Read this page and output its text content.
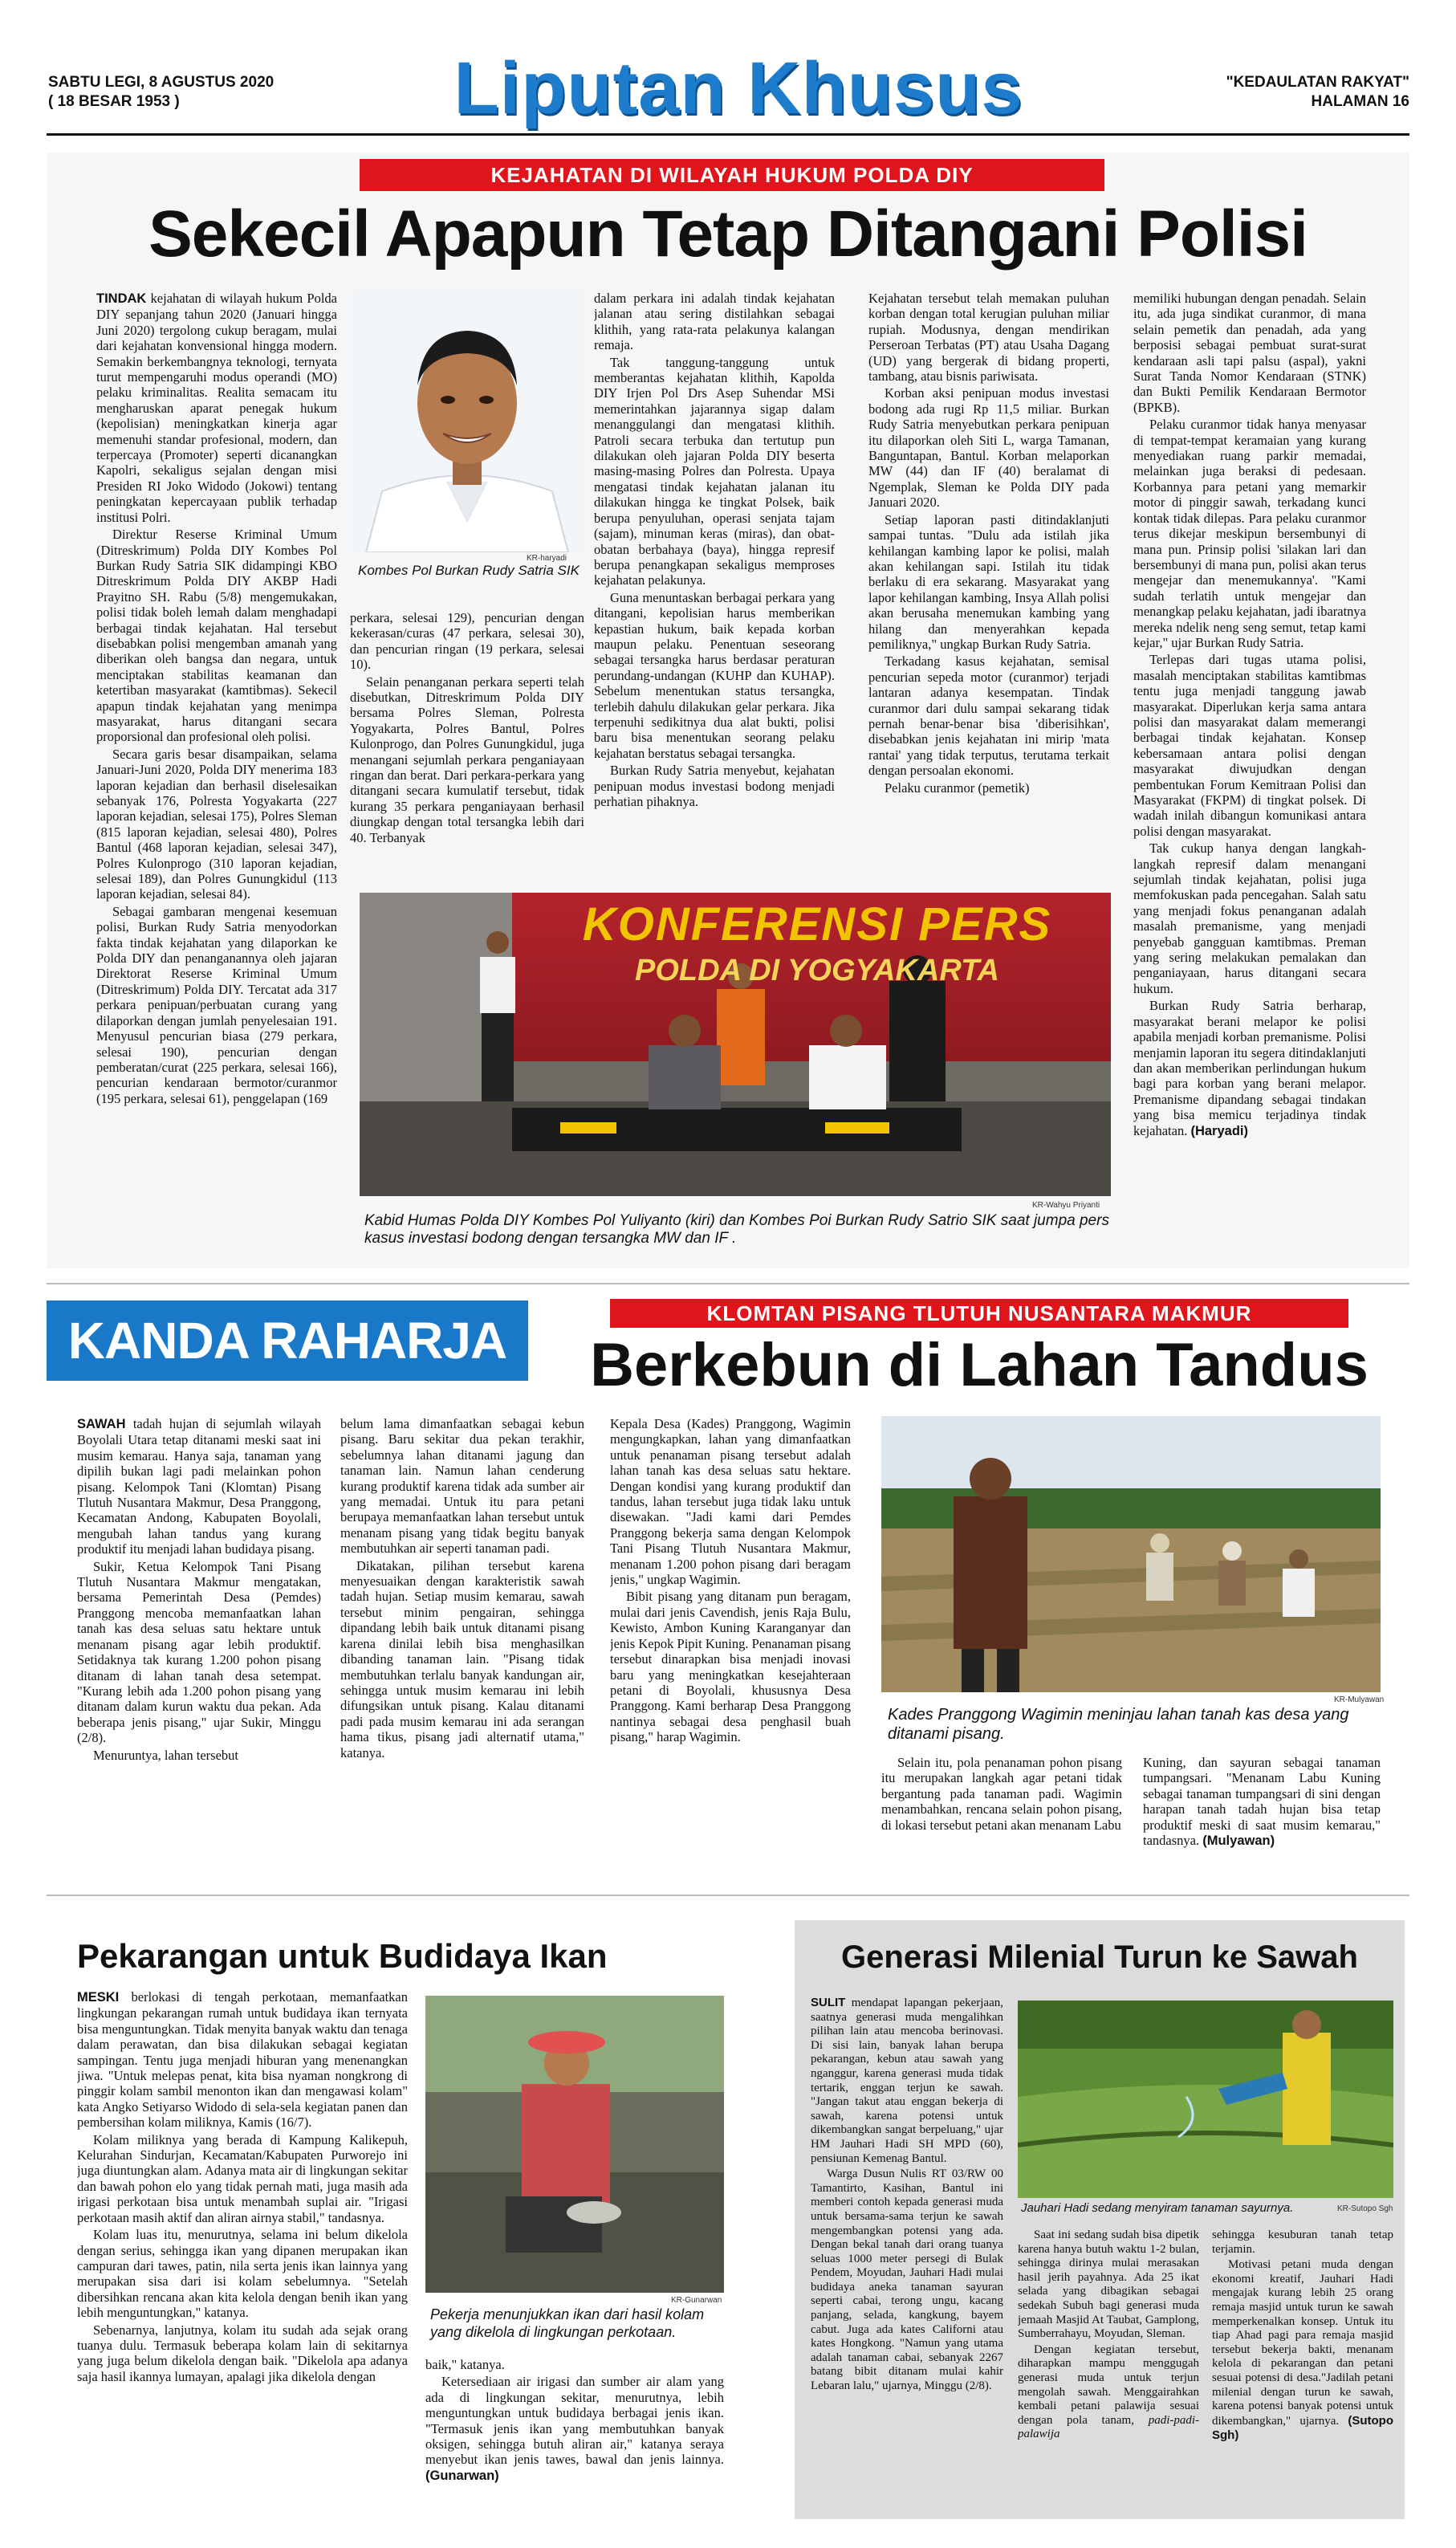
SABTU LEGI, 8 AGUSTUS 2020
( 18 BESAR 1953 )	Liputan Khusus	"KEDAULATAN RAKYAT"
HALAMAN 16
KEJAHATAN DI WILAYAH HUKUM POLDA DIY
Sekecil Apapun Tetap Ditangani Polisi

TINDAK kejahatan di wilayah hukum Polda DIY sepanjang tahun 2020 (Januari hingga Juni 2020) tergolong cukup beragam, mulai dari kejahatan konvensional hingga modern. Semakin berkembangnya teknologi, ternyata turut mempengaruhi modus operandi (MO) pelaku kriminalitas. Realita semacam itu mengharuskan aparat penegak hukum (kepolisian) meningkatkan kinerja agar memenuhi standar profesional, modern, dan terpercaya (Promoter) seperti dicanangkan Kapolri, sekaligus sejalan dengan misi Presiden RI Joko Widodo (Jokowi) tentang peningkatan kepercayaan publik terhadap institusi Polri.

Direktur Reserse Kriminal Umum (Ditreskrimum) Polda DIY Kombes Pol Burkan Rudy Satria SIK didampingi KBO Ditreskrimum Polda DIY AKBP Hadi Prayitno SH. Rabu (5/8) mengemukakan, polisi tidak boleh lemah dalam menghadapi berbagai tindak kejahatan. Hal tersebut disebabkan polisi mengemban amanah yang diberikan oleh bangsa dan negara, untuk menciptakan stabilitas keamanan dan ketertiban masyarakat (kamtibmas). Sekecil apapun tindak kejahatan yang menimpa masyarakat, harus ditangani secara proporsional dan profesional oleh polisi.

Secara garis besar disampaikan, selama Januari-Juni 2020, Polda DIY menerima 183 laporan kejadian dan berhasil diselesaikan sebanyak 176, Polresta Yogyakarta (227 laporan kejadian, selesai 175), Polres Sleman (815 laporan kejadian, selesai 480), Polres Bantul (468 laporan kejadian, selesai 347), Polres Kulonprogo (310 laporan kejadian, selesai 189), dan Polres Gunungkidul (113 laporan kejadian, selesai 84).

Sebagai gambaran mengenai kesemuan polisi, Burkan Rudy Satria menyodorkan fakta tindak kejahatan yang dilaporkan ke Polda DIY dan penanganannya oleh jajaran Direktorat Reserse Kriminal Umum (Ditreskrimum) Polda DIY. Tercatat ada 317 perkara penipuan/perbuatan curang yang dilaporkan dengan jumlah penyelesaian 191. Menyusul pencurian biasa (279 perkara, selesai 190), pencurian dengan pemberatan/curat (225 perkara, selesai 166), pencurian kendaraan bermotor/curanmor (195 perkara, selesai 61), penggelapan (169

KR-haryadi
Kombes Pol Burkan Rudy Satria SIK

perkara, selesai 129), pencurian dengan kekerasan/curas (47 perkara, selesai 30), dan pencurian ringan (19 perkara, selesai 10).

Selain penanganan perkara seperti telah disebutkan, Ditreskrimum Polda DIY bersama Polres Sleman, Polresta Yogyakarta, Polres Bantul, Polres Kulonprogo, dan Polres Gunungkidul, juga menangani sejumlah perkara penganiayaan ringan dan berat. Dari perkara-perkara yang ditangani secara kumulatif tersebut, tidak kurang 35 perkara penganiayaan berhasil diungkap dengan total tersangka lebih dari 40. Terbanyak

dalam perkara ini adalah tindak kejahatan jalanan atau sering distilahkan sebagai klithih, yang rata-rata pelakunya kalangan remaja.

Tak tanggung-tanggung untuk memberantas kejahatan klithih, Kapolda DIY Irjen Pol Drs Asep Suhendar MSi memerintahkan jajarannya sigap dalam menanggulangi dan mengatasi klithih. Patroli secara terbuka dan tertutup pun dilakukan oleh jajaran Polda DIY beserta masing-masing Polres dan Polresta. Upaya mengatasi tindak kejahatan jalanan itu dilakukan hingga ke tingkat Polsek, baik berupa penyuluhan, operasi senjata tajam (sajam), minuman keras (miras), dan obat-obatan berbahaya (baya), hingga represif berupa penangkapan sekaligus memproses kejahatan pelakunya.

Guna menuntaskan berbagai perkara yang ditangani, kepolisian harus memberikan kepastian hukum, baik kepada korban maupun pelaku. Penentuan seseorang sebagai tersangka harus berdasar peraturan perundang-undangan (KUHP dan KUHAP). Sebelum menentukan status tersangka, terlebih dahulu dilakukan gelar perkara. Jika terpenuhi sedikitnya dua alat bukti, polisi baru bisa menentukan seorang pelaku kejahatan berstatus sebagai tersangka.

Burkan Rudy Satria menyebut, kejahatan penipuan modus investasi bodong menjadi perhatian pihaknya.

Kejahatan tersebut telah memakan puluhan korban dengan total kerugian puluhan miliar rupiah. Modusnya, dengan mendirikan Perseroan Terbatas (PT) atau Usaha Dagang (UD) yang bergerak di bidang properti, tambang, atau bisnis pariwisata.

Korban aksi penipuan modus investasi bodong ada rugi Rp 11,5 miliar. Burkan Rudy Satria menyebutkan perkara penipuan itu dilaporkan oleh Siti L, warga Tamanan, Banguntapan, Bantul. Korban melaporkan MW (44) dan IF (40) beralamat di Ngemplak, Sleman ke Polda DIY pada Januari 2020.

Setiap laporan pasti ditindaklanjuti sampai tuntas. "Dulu ada istilah jika kehilangan kambing lapor ke polisi, malah akan kehilangan sapi. Istilah itu tidak berlaku di era sekarang. Masyarakat yang lapor kehilangan kambing, Insya Allah polisi akan berusaha menemukan kambing yang hilang dan menyerahkan kepada pemiliknya," ungkap Burkan Rudy Satria.

Terkadang kasus kejahatan, semisal pencurian sepeda motor (curanmor) terjadi lantaran adanya kesempatan. Tindak curanmor dari dulu sampai sekarang tidak pernah benar-benar bisa 'diberisihkan', disebabkan jenis kejahatan ini mirip 'mata rantai' yang tidak terputus, terutama terkait dengan persoalan ekonomi.

Pelaku curanmor (pemetik)

memiliki hubungan dengan penadah. Selain itu, ada juga sindikat curanmor, di mana selain pemetik dan penadah, ada yang berposisi sebagai pembuat surat-surat kendaraan asli tapi palsu (aspal), yakni Surat Tanda Nomor Kendaraan (STNK) dan Bukti Pemilik Kendaraan Bermotor (BPKB).

Pelaku curanmor tidak hanya menyasar di tempat-tempat keramaian yang kurang menyediakan ruang parkir memadai, melainkan juga beraksi di pedesaan. Korbannya para petani yang memarkir motor di pinggir sawah, terkadang kunci kontak tidak dilepas. Para pelaku curanmor terus dikejar meskipun bersembunyi di mana pun. Prinsip polisi 'silakan lari dan bersembunyi di mana pun, polisi akan terus mengejar dan menemukannya'. "Kami sudah terlatih untuk mengejar dan menangkap pelaku kejahatan, jadi ibaratnya mereka ndelik neng seng semut, tetap kami kejar," ujar Burkan Rudy Satria.

Terlepas dari tugas utama polisi, masalah menciptakan stabilitas kamtibmas tentu juga menjadi tanggung jawab masyarakat. Diperlukan kerja sama antara polisi dan masyarakat dalam memerangi berbagai tindak kejahatan. Konsep kebersamaan antara polisi dengan masyarakat diwujudkan dengan pembentukan Forum Kemitraan Polisi dan Masyarakat (FKPM) di tingkat polsek. Di wadah inilah dibangun komunikasi antara polisi dengan masyarakat.

Tak cukup hanya dengan langkah-langkah represif dalam menangani sejumlah tindak kejahatan, polisi juga memfokuskan pada pencegahan. Salah satu yang menjadi fokus penanganan adalah masalah premanisme, yang menjadi penyebab gangguan kamtibmas. Preman yang sering melakukan pemalakan dan penganiayaan, harus ditangani secara hukum.

Burkan Rudy Satria berharap, masyarakat berani melapor ke polisi apabila menjadi korban premanisme. Polisi menjamin laporan itu segera ditindaklanjuti dan akan memberikan perlindungan hukum bagi para korban yang berani melapor. Premanisme dipandang sebagai tindakan yang bisa memicu terjadinya tindak kejahatan. (Haryadi)

KONFERENSI PERS
POLDA DI YOGYAKARTA
KR-Wahyu Priyanti
Kabid Humas Polda DIY Kombes Pol Yuliyanto (kiri) dan Kombes Poi Burkan Rudy Satrio SIK saat jumpa pers kasus investasi bodong dengan tersangka MW dan IF .
KANDA RAHARJA	KLOMTAN PISANG TLUTUH NUSANTARA MAKMUR
Berkebun di Lahan Tandus

SAWAH tadah hujan di sejumlah wilayah Boyolali Utara tetap ditanami meski saat ini musim kemarau. Hanya saja, tanaman yang dipilih bukan lagi padi melainkan pohon pisang. Kelompok Tani (Klomtan) Pisang Tlutuh Nusantara Makmur, Desa Pranggong, Kecamatan Andong, Kabupaten Boyolali, mengubah lahan tandus yang kurang produktif itu menjadi lahan budidaya pisang.

Sukir, Ketua Kelompok Tani Pisang Tlutuh Nusantara Makmur mengatakan, bersama Pemerintah Desa (Pemdes) Pranggong mencoba memanfaatkan lahan tanah kas desa seluas satu hektare untuk menanam pisang agar lebih produktif. Setidaknya tak kurang 1.200 pohon pisang ditanam di lahan tanah desa setempat. "Kurang lebih ada 1.200 pohon pisang yang ditanam dalam kurun waktu dua pekan. Ada beberapa jenis pisang," ujar Sukir, Minggu (2/8).

Menuruntya, lahan tersebut

belum lama dimanfaatkan sebagai kebun pisang. Baru sekitar dua pekan terakhir, sebelumnya lahan ditanami jagung dan tanaman lain. Namun lahan cenderung kurang produktif karena tidak ada sumber air yang memadai. Untuk itu para petani berupaya memanfaatkan lahan tersebut untuk menanam pisang yang tidak begitu banyak membutuhkan air seperti tanaman padi.

Dikatakan, pilihan tersebut karena menyesuaikan dengan karakteristik sawah tadah hujan. Setiap musim kemarau, sawah tersebut minim pengairan, sehingga dipandang lebih baik untuk ditanami pisang karena dinilai lebih bisa menghasilkan dibanding tanaman lain. "Pisang tidak membutuhkan terlalu banyak kandungan air, sehingga untuk musim kemarau ini lebih difungsikan untuk pisang. Kalau ditanami padi pada musim kemarau ini ada serangan hama tikus, pisang jadi alternatif utama," katanya.

Kepala Desa (Kades) Pranggong, Wagimin mengungkapkan, lahan yang dimanfaatkan untuk penanaman pisang tersebut adalah lahan tanah kas desa seluas satu hektare. Dengan kondisi yang kurang produktif dan tandus, lahan tersebut juga tidak laku untuk disewakan. "Jadi kami dari Pemdes Pranggong bekerja sama dengan Kelompok Tani Pisang Tlutuh Nusantara Makmur, menanam 1.200 pohon pisang dari beragam jenis," ungkap Wagimin.

Bibit pisang yang ditanam pun beragam, mulai dari jenis Cavendish, jenis Raja Bulu, Kewisto, Ambon Kuning Karanganyar dan jenis Kepok Pipit Kuning. Penanaman pisang tersebut dinarapkan bisa menjadi inovasi baru yang meningkatkan kesejahteraan petani di Boyolali, khususnya Desa Pranggong. Kami berharap Desa Pranggong nantinya sebagai desa penghasil buah pisang," harap Wagimin.

KR-Mulyawan
Kades Pranggong Wagimin meninjau lahan tanah kas desa yang ditanami pisang.

Selain itu, pola penanaman pohon pisang itu merupakan langkah agar petani tidak bergantung pada tanaman padi. Wagimin menambahkan, rencana selain pohon pisang, di lokasi tersebut petani akan menanam Labu

Kuning, dan sayuran sebagai tanaman tumpangsari. "Menanam Labu Kuning sebagai tanaman tumpangsari di sini dengan harapan tanah tadah hujan bisa tetap produktif meski di saat musim kemarau," tandasnya. (Mulyawan)

Pekarangan untuk Budidaya Ikan

MESKI berlokasi di tengah perkotaan, memanfaatkan lingkungan pekarangan rumah untuk budidaya ikan ternyata bisa menguntungkan. Tidak menyita banyak waktu dan tenaga dalam perawatan, dan bisa dilakukan sebagai kegiatan sampingan. Tentu juga menjadi hiburan yang menenangkan jiwa. "Untuk melepas penat, kita bisa nyaman nongkrong di pinggir kolam sambil menonton ikan dan mengawasi kolam" kata Angko Setiyarso Widodo di sela-sela kegiatan panen dan pembersihan kolam miliknya, Kamis (16/7).

Kolam miliknya yang berada di Kampung Kalikepuh, Kelurahan Sindurjan, Kecamatan/Kabupaten Purworejo ini juga diuntungkan alam. Adanya mata air di lingkungan sekitar dan bawah pohon elo yang tidak pernah mati, juga masih ada irigasi perkotaan bisa untuk menambah suplai air. "Irigasi perkotaan masih aktif dan aliran airnya stabil," tandasnya.

Kolam luas itu, menurutnya, selama ini belum dikelola dengan serius, sehingga ikan yang dipanen merupakan ikan campuran dari tawes, patin, nila serta jenis ikan lainnya yang merupakan sisa dari isi kolam sebelumnya. "Setelah dibersihkan rencana akan kita kelola dengan benih ikan yang lebih menguntungkan," katanya.

Sebenarnya, lanjutnya, kolam itu sudah ada sejak orang tuanya dulu. Termasuk beberapa kolam lain di sekitarnya yang juga belum dikelola dengan baik. "Dikelola apa adanya saja hasil ikannya lumayan, apalagi jika dikelola dengan

KR-Gunarwan
Pekerja menunjukkan ikan dari hasil kolam yang dikelola di lingkungan perkotaan.

baik," katanya.

Ketersediaan air irigasi dan sumber air alam yang ada di lingkungan sekitar, menurutnya, lebih menguntungkan untuk budidaya berbagai jenis ikan. "Termasuk jenis ikan yang membutuhkan banyak oksigen, sehingga butuh aliran air," katanya seraya menyebut ikan jenis tawes, bawal dan jenis lainnya. (Gunarwan)

Generasi Milenial Turun ke Sawah

SULIT mendapat lapangan pekerjaan, saatnya generasi muda mengalihkan pilihan lain atau mencoba berinovasi. Di sisi lain, banyak lahan berupa pekarangan, kebun atau sawah yang nganggur, karena generasi muda tidak tertarik, enggan terjun ke sawah. "Jangan takut atau enggan bekerja di sawah, karena potensi untuk dikembangkan sangat berpeluang," ujar HM Jauhari Hadi SH MPD (60), pensiunan Kemenag Bantul.

Warga Dusun Nulis RT 03/RW 00 Tamantirto, Kasihan, Bantul ini memberi contoh kepada generasi muda untuk bersama-sama terjun ke sawah mengembangkan potensi yang ada. Dengan bekal tanah dari orang tuanya seluas 1000 meter persegi di Bulak Pendem, Moyudan, Jauhari Hadi mulai budidaya aneka tanaman sayuran seperti cabai, terong ungu, kacang panjang, selada, kangkung, bayem cabut. Juga ada kates Californi atau kates Hongkong. "Namun yang utama adalah tanaman cabai, sebanyak 2267 batang bibit ditanam mulai kahir Lebaran lalu," ujarnya, Minggu (2/8).

Jauhari Hadi sedang menyiram tanaman sayurnya.	KR-Sutopo Sgh

Saat ini sedang sudah bisa dipetik karena hanya butuh waktu 1-2 bulan, sehingga dirinya mulai merasakan hasil jerih payahnya. Ada 25 ikat selada yang dibagikan sebagai sedekah Subuh bagi generasi muda jemaah Masjid At Taubat, Gamplong, Sumberrahayu, Moyudan, Sleman.

Dengan kegiatan tersebut, diharapkan mampu menggugah generasi muda untuk terjun mengolah sawah. Menggairahkan kembali petani palawija sesuai dengan pola tanam, padi-padi-palawija

sehingga kesuburan tanah tetap terjamin.

Motivasi petani muda dengan ekonomi kreatif, Jauhari Hadi mengajak kurang lebih 25 orang remaja masjid untuk turun ke sawah memperkenalkan konsep. Untuk itu tiap Ahad pagi para remaja masjid tersebut bekerja bakti, menanam kelola di pekarangan dan petani sesuai potensi di desa."Jadilah petani milenial dengan turun ke sawah, karena potensi banyak potensi untuk dikembangkan," ujarnya. (Sutopo Sgh)
